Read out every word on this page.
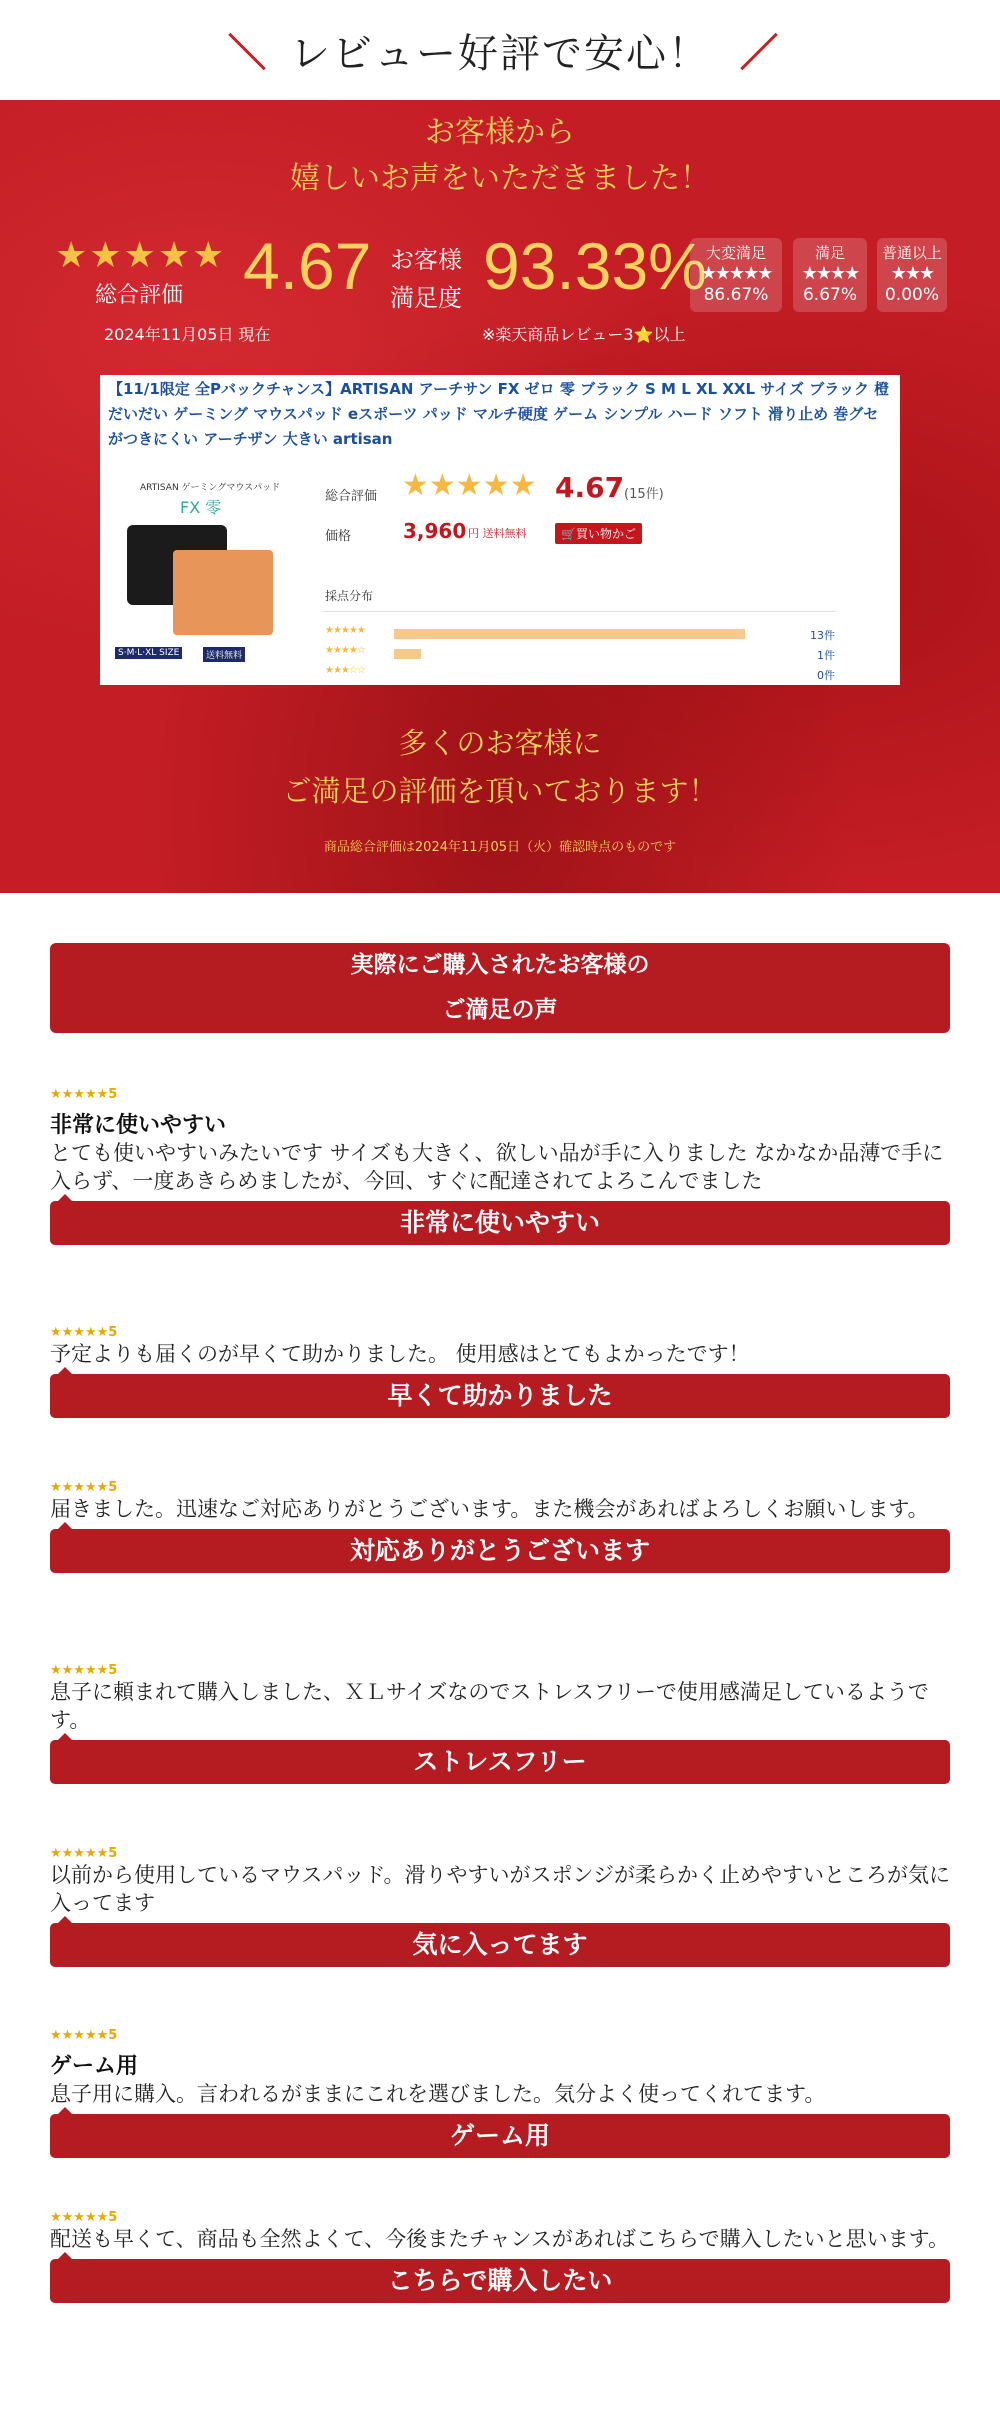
レビュー好評で安心！
お客様から
嬉しいお声をいただきました！
★★★★★
総合評価 4.67
2024年11月05日 現在
お客様
満足度 93.33%
※楽天商品レビュー3⭐以上
大変満足
★★★★★
86.67%
満足
★★★★
6.67%
普通以上
★★★
0.00%
【11/1限定 全Pバックチャンス】ARTISAN アーチサン FX ゼロ 零 ブラック S M L XL XXL サイズ ブラック 橙 だいだい ゲーミング マウスパッド eスポーツ パッド マルチ硬度 ゲーム シンプル ハード ソフト 滑り止め 巻グセがつきにくい アーチザン 大きい artisan
ARTISAN ゲーミングマウスパッド
FX 零
S·M·L·XL SIZE	送料無料
総合評価 ★★★★★ 4.67 (15件)
価格	3,960 円 送料無料	🛒買い物かご
採点分布
★★★★★	13件
★★★★☆	1件
★★★☆☆	0件
多くのお客様に
ご満足の評価を頂いております！
商品総合評価は2024年11月05日（火）確認時点のものです
実際にご購入されたお客様の
ご満足の声
★★★★★5
非常に使いやすい
とても使いやすいみたいです サイズも大きく、欲しい品が手に入りました なかなか品薄で手に入らず、一度あきらめましたが、今回、すぐに配達されてよろこんでました
非常に使いやすい
★★★★★5
予定よりも届くのが早くて助かりました。 使用感はとてもよかったです！
早くて助かりました
★★★★★5
届きました。迅速なご対応ありがとうございます。また機会があればよろしくお願いします。
対応ありがとうございます
★★★★★5
息子に頼まれて購入しました、ＸＬサイズなのでストレスフリーで使用感満足しているようです。
ストレスフリー
★★★★★5
以前から使用しているマウスパッド。滑りやすいがスポンジが柔らかく止めやすいところが気に入ってます
気に入ってます
★★★★★5
ゲーム用
息子用に購入。言われるがままにこれを選びました。気分よく使ってくれてます。
ゲーム用
★★★★★5
配送も早くて、商品も全然よくて、今後またチャンスがあればこちらで購入したいと思います。
こちらで購入したい
